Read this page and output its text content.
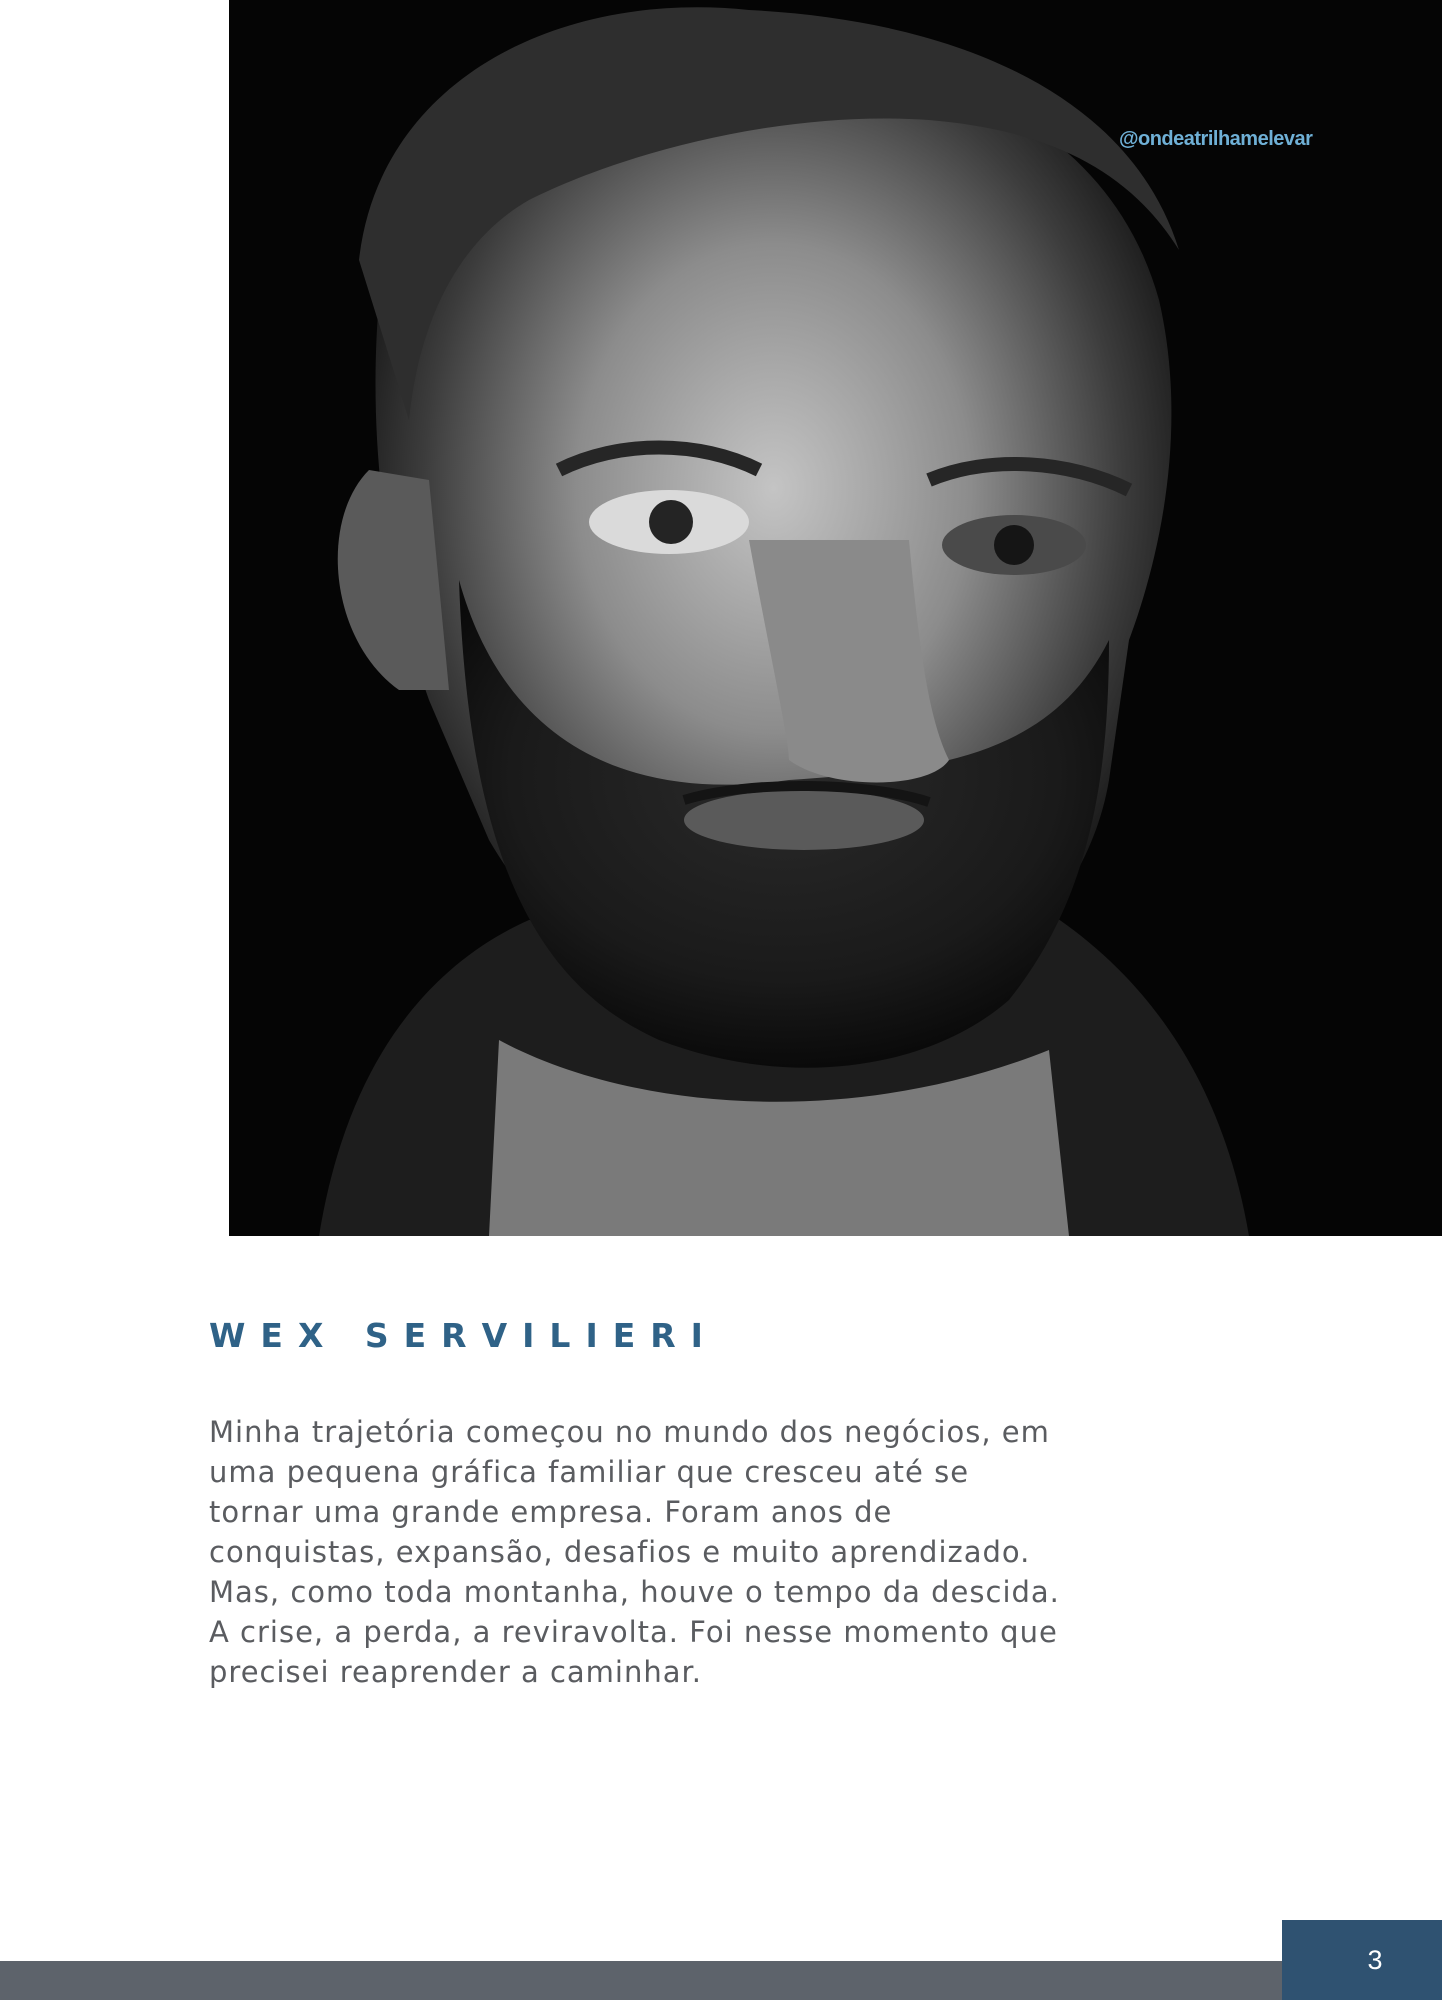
@ondeatrilhamelevar
WEX SERVILIERI

Minha trajetória começou no mundo dos negócios, em
uma pequena gráfica familiar que cresceu até se
tornar uma grande empresa. Foram anos de
conquistas, expansão, desafios e muito aprendizado.
Mas, como toda montanha, houve o tempo da descida.
A crise, a perda, a reviravolta. Foi nesse momento que
precisei reaprender a caminhar.

3
